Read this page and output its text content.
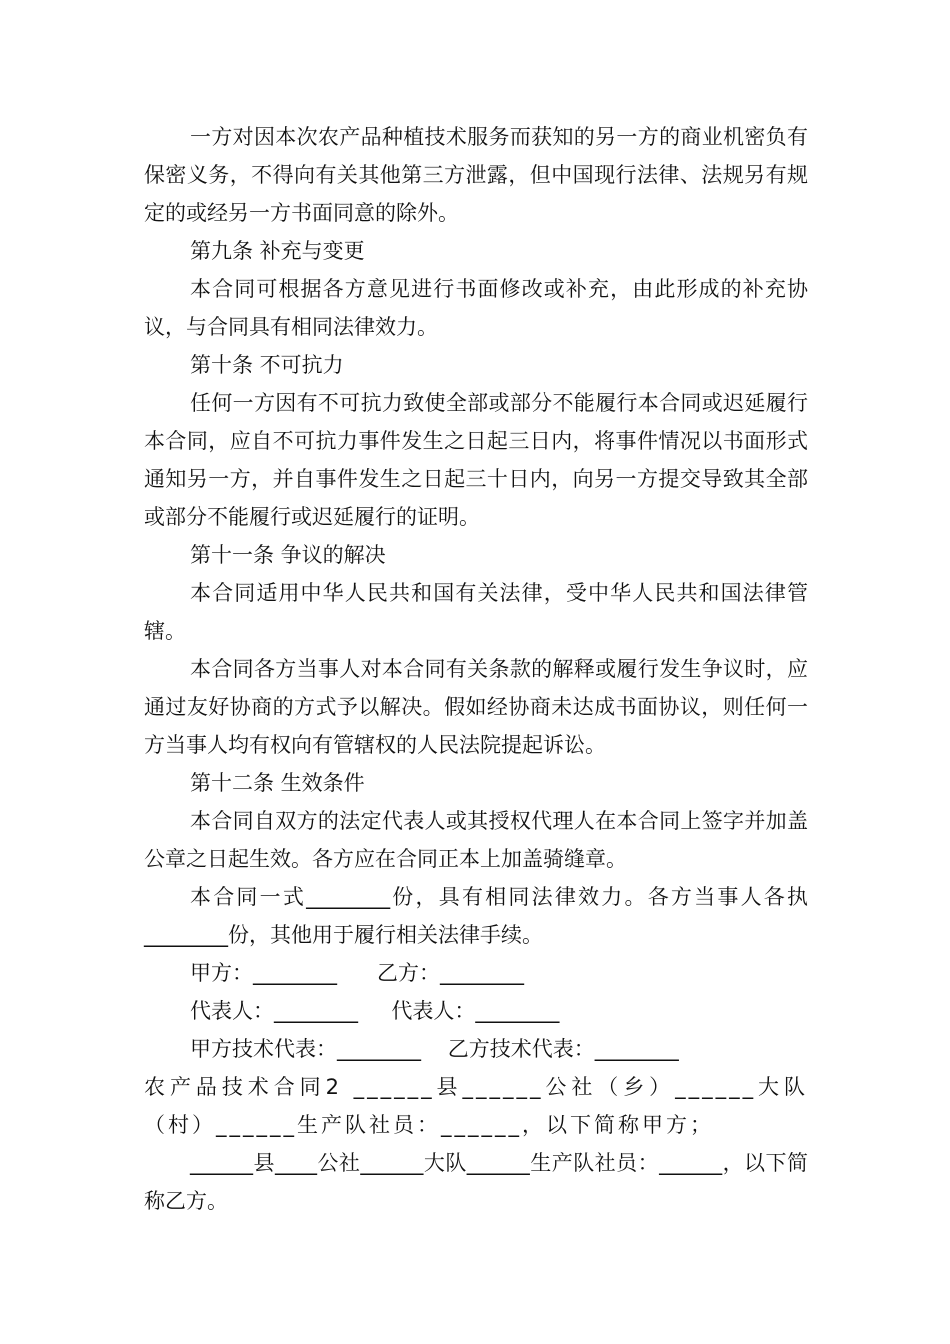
一方对因本次农产品种植技术服务而获知的另一方的商业机密负有保密义务，不得向有关其他第三方泄露，但中国现行法律、法规另有规定的或经另一方书面同意的除外。

第九条 补充与变更

本合同可根据各方意见进行书面修改或补充，由此形成的补充协议，与合同具有相同法律效力。

第十条 不可抗力

任何一方因有不可抗力致使全部或部分不能履行本合同或迟延履行本合同，应自不可抗力事件发生之日起三日内，将事件情况以书面形式通知另一方，并自事件发生之日起三十日内，向另一方提交导致其全部或部分不能履行或迟延履行的证明。

第十一条 争议的解决

本合同适用中华人民共和国有关法律，受中华人民共和国法律管辖。

本合同各方当事人对本合同有关条款的解释或履行发生争议时，应通过友好协商的方式予以解决。假如经协商未达成书面协议，则任何一方当事人均有权向有管辖权的人民法院提起诉讼。

第十二条 生效条件

本合同自双方的法定代表人或其授权代理人在本合同上签字并加盖公章之日起生效。各方应在合同正本上加盖骑缝章。

本合同一式________份，具有相同法律效力。各方当事人各执________份，其他用于履行相关法律手续。

甲方：________      乙方：________

代表人：________     代表人：________

甲方技术代表：________    乙方技术代表：________

农产品技术合同2 ______县______公社（乡）______大队（村）______生产队社员：______，以下简称甲方；

______县____公社______大队______生产队社员：______，以下简称乙方。
